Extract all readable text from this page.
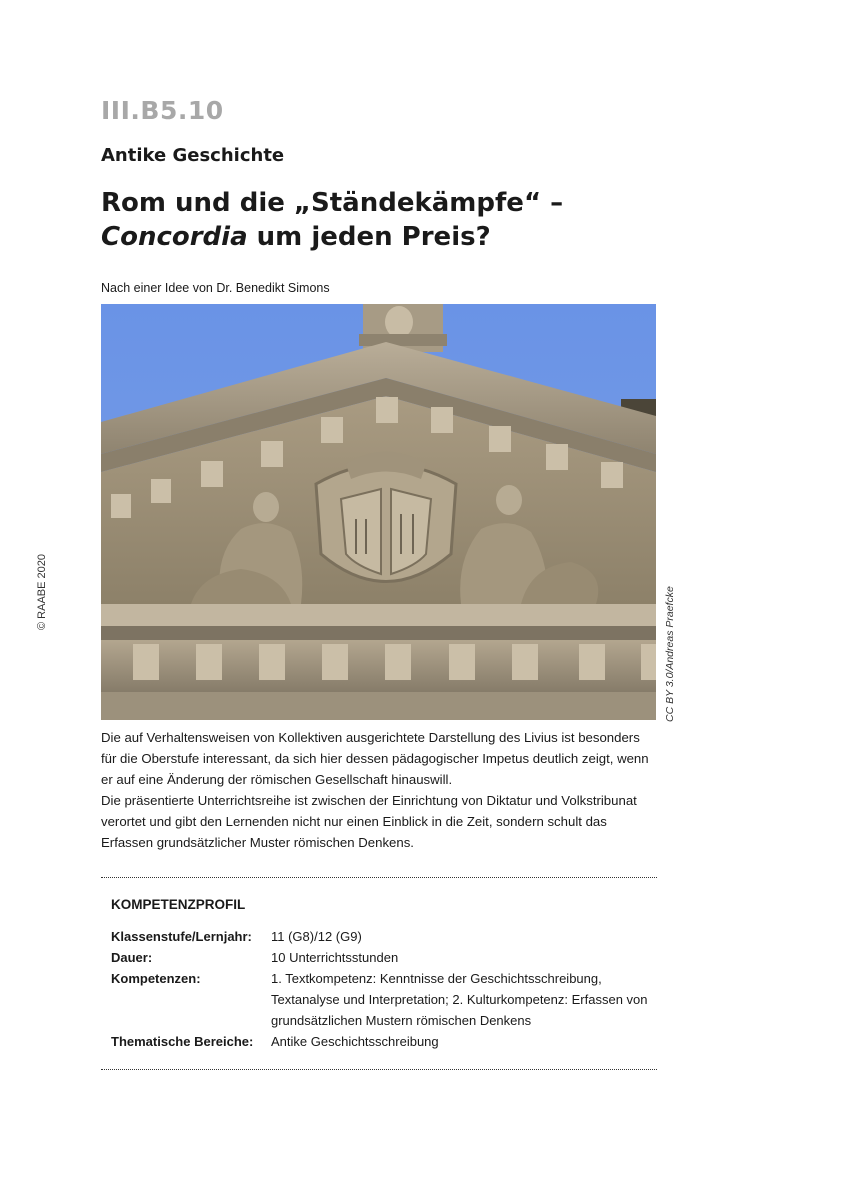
III.B5.10
Antike Geschichte
Rom und die „Ständekämpfe“ – Concordia um jeden Preis?
Nach einer Idee von Dr. Benedikt Simons
© RAABE 2020	CC BY 3.0/Andreas Praefcke

Die auf Verhaltensweisen von Kollektiven ausgerichtete Darstellung des Livius ist besonders für die Oberstufe interessant, da sich hier dessen pädagogischer Impetus deutlich zeigt, wenn er auf eine Änderung der römischen Gesellschaft hinauswill.

Die präsentierte Unterrichtsreihe ist zwischen der Einrichtung von Diktatur und Volkstribunat verortet und gibt den Lernenden nicht nur einen Einblick in die Zeit, sondern schult das Erfassen grundsätzlicher Muster römischen Denkens.

KOMPETENZPROFIL
Klassenstufe/Lernjahr:	11 (G8)/12 (G9)
Dauer:	10 Unterrichtsstunden
Kompetenzen:	1. Textkompetenz: Kenntnisse der Geschichtsschreibung, Textanalyse und Interpretation; 2. Kulturkompetenz: Erfassen von grundsätzlichen Mustern römischen Denkens
Thematische Bereiche:	Antike Geschichtsschreibung
